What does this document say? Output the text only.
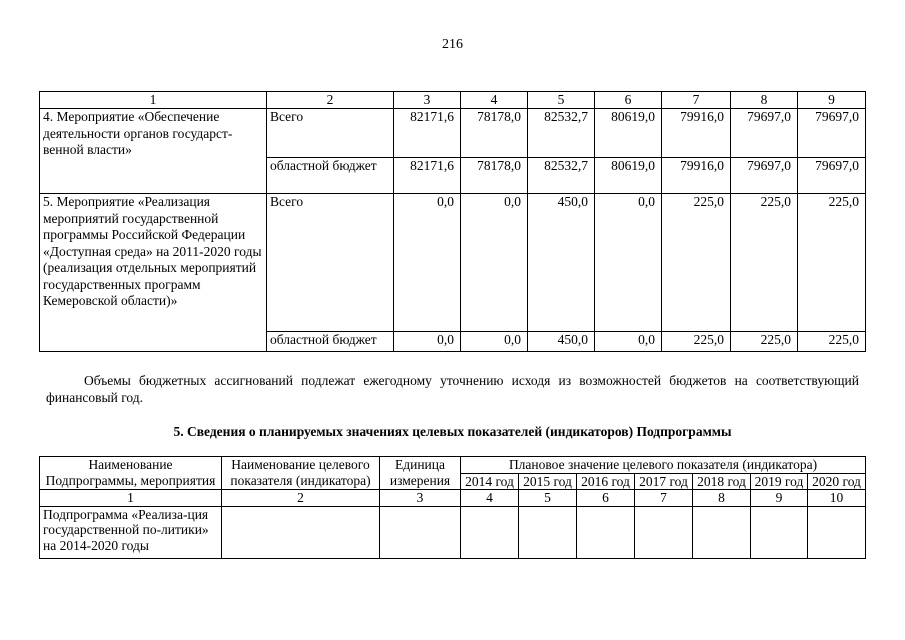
216
1	2	3	4	5	6	7	8	9
4. Мероприятие «Обеспечение деятельности органов государст-венной власти»	Всего	82171,6	78178,0	82532,7	80619,0	79916,0	79697,0	79697,0
	областной бюджет	82171,6	78178,0	82532,7	80619,0	79916,0	79697,0	79697,0
5. Мероприятие «Реализация мероприятий государственной программы Российской Федерации «Доступная среда» на 2011-2020 годы (реализация отдельных мероприятий государственных программ Кемеровской области)»	Всего	0,0	0,0	450,0	0,0	225,0	225,0	225,0
	областной бюджет	0,0	0,0	450,0	0,0	225,0	225,0	225,0
Объемы бюджетных ассигнований подлежат ежегодному уточнению исходя из возможностей бюджетов на соответствующий финансовый год.
5. Сведения о планируемых значениях целевых показателей (индикаторов) Подпрограммы
Наименование Подпрограммы, мероприятия	Наименование целевого показателя (индикатора)	Единица измерения	Плановое значение целевого показателя (индикатора)						
			2014 год	2015 год	2016 год	2017 год	2018 год	2019 год	2020 год
1	2	3	4	5	6	7	8	9	10
Подпрограмма «Реализа-ция государственной по-литики» на 2014-2020 годы									
